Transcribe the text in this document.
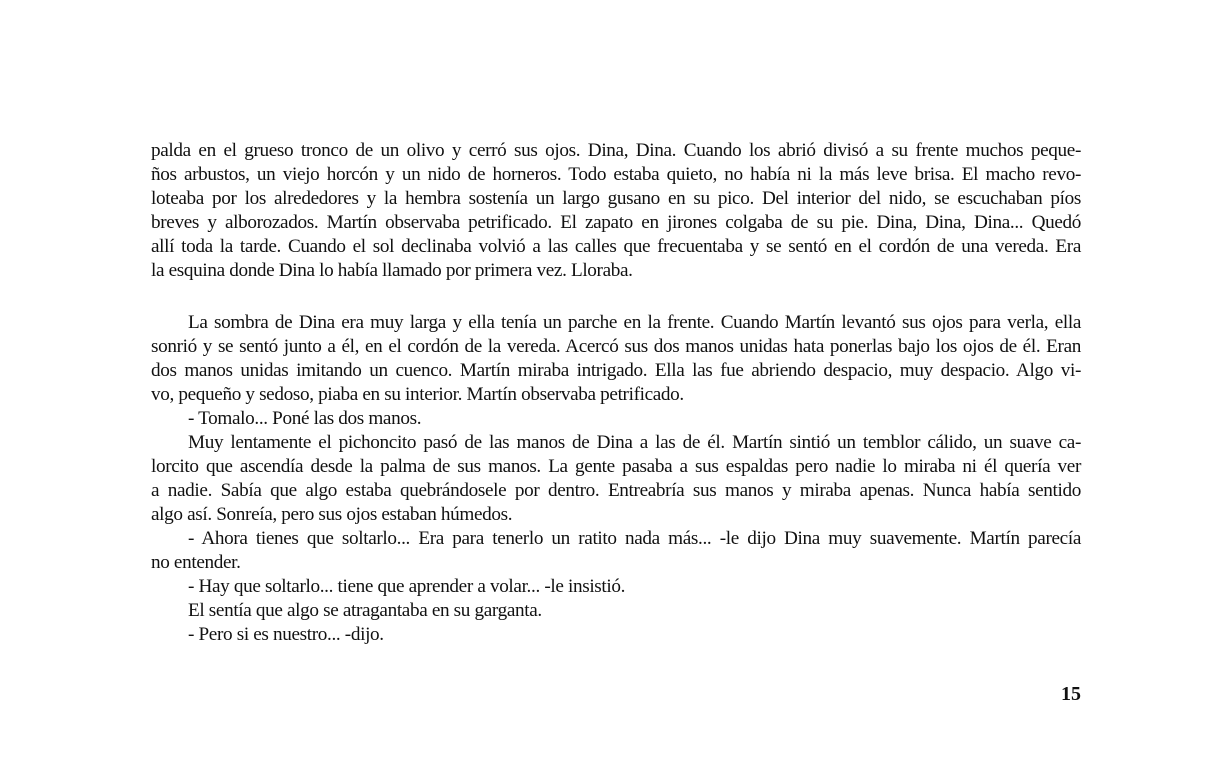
palda en el grueso tronco de un olivo y cerró sus ojos. Dina, Dina. Cuando los abrió divisó a su frente muchos peque-
ños arbustos, un viejo horcón y un nido de horneros. Todo estaba quieto, no había ni la más leve brisa. El macho revo-
loteaba por los alrededores y la hembra sostenía un largo gusano en su pico. Del interior del nido, se escuchaban píos
breves y alborozados. Martín observaba petrificado. El zapato en jirones colgaba de su pie. Dina, Dina, Dina... Quedó
allí toda la tarde. Cuando el sol declinaba volvió a las calles que frecuentaba y se sentó en el cordón de una vereda. Era
la esquina donde Dina lo había llamado por primera vez. Lloraba.
La sombra de Dina era muy larga y ella tenía un parche en la frente. Cuando Martín levantó sus ojos para verla, ella
sonrió y se sentó junto a él, en el cordón de la vereda. Acercó sus dos manos unidas hata ponerlas bajo los ojos de él. Eran
dos manos unidas imitando un cuenco. Martín miraba intrigado. Ella las fue abriendo despacio, muy despacio. Algo vi-
vo, pequeño y sedoso, piaba en su interior. Martín observaba petrificado.
- Tomalo... Poné las dos manos.
Muy lentamente el pichoncito pasó de las manos de Dina a las de él. Martín sintió un temblor cálido, un suave ca-
lorcito que ascendía desde la palma de sus manos. La gente pasaba a sus espaldas pero nadie lo miraba ni él quería ver
a nadie. Sabía que algo estaba quebrándosele por dentro. Entreabría sus manos y miraba apenas. Nunca había sentido
algo así. Sonreía, pero sus ojos estaban húmedos.
- Ahora tienes que soltarlo... Era para tenerlo un ratito nada más... -le dijo Dina muy suavemente. Martín parecía
no entender.
- Hay que soltarlo... tiene que aprender a volar... -le insistió.
El sentía que algo se atragantaba en su garganta.
- Pero si es nuestro... -dijo.
15
